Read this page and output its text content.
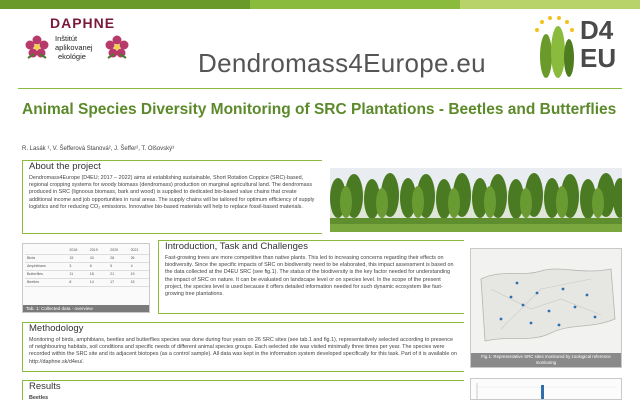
DAPHNE
Inštitút
aplikovanej
ekológie	Dendromass4Europe.eu
D4
EU
Animal Species Diversity Monitoring of SRC Plantations - Beetles and Butterflies
R. Lasák ¹, V. Šefferová Stanová², J. Šeffer², T. Olšovský³
About the project
Dendromass4Europe (D4EU; 2017 – 2022) aims at establishing sustainable, Short Rotation Coppice (SRC)-based, regional cropping systems for woody biomass (dendromass) production on marginal agricultural land. The dendromass produced in SRC (lignoous biomass, bark and wood) is supplied to dedicated bio-based value chains that create additional income and job opportunities in rural areas. The supply chains will be tailored for optimum efficiency of supply logistics and for reducing CO₂ emissions. Innovative bio-based materials will help to replace fossil-based materials.
	2018	2019	2020	2021
Birds	15	43	28	26
Amphibians	3	6	5	4
Butterflies	11	18	21	19
Beetles	8	14	17	15
Tab. 1: Collected data - overview
Introduction, Task and Challenges
Fast-growing trees are more competitive than native plants. This led to increasing concerns regarding their effects on biodiversity. Since the specific impacts of SRC on biodiversity need to be elaborated, this impact assessment is based on the data collected at the D4EU SRC (see fig.1). The status of the biodiversity is the key factor needed for understanding the impact of SRC on nature. It can be evaluated on landscape level or on species level. In the scope of the present project, the species level is used because it offers detailed information needed for such dynamic ecosystem like fast-growing tree plantations.
Fig.1: Representative SRC sites monitored by zoological reference monitoring
Methodology
Monitoring of birds, amphibians, beetles and butterflies species was done during four years on 26 SRC sites (see tab.1 and fig.1), representatively selected according to presence of neighbouring habitats, soil conditions and specific needs of different animal species groups. Each selected site was visited minimally three times per year. The species were recorded within the SRC site and its adjacent biotopes (as a control sample). All data was kept in the information system developed specifically for this task. Part of it is available on http://daphne.sk/d4eu/.
Results
Beetles
